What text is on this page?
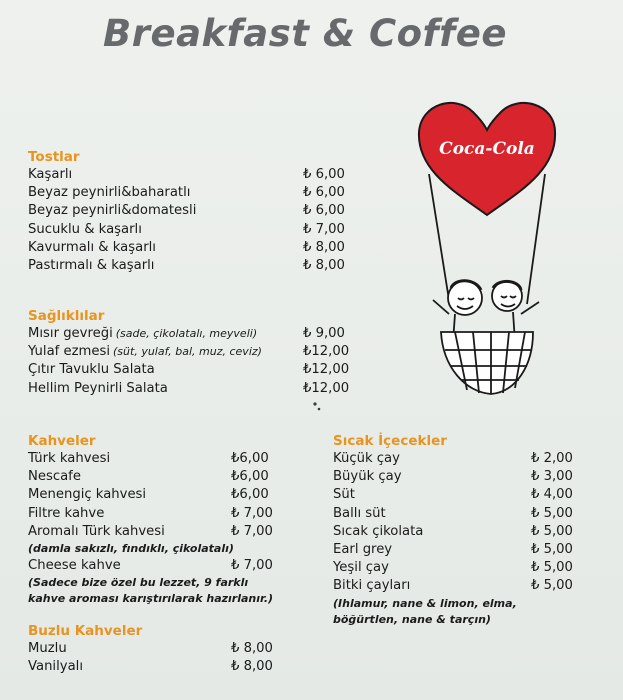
Breakfast & Coffee
Tostlar
Kaşarlı	₺ 6,00
Beyaz peynirli&baharatlı	₺ 6,00
Beyaz peynirli&domatesli	₺ 6,00
Sucuklu & kaşarlı	₺ 7,00
Kavurmalı & kaşarlı	₺ 8,00
Pastırmalı & kaşarlı	₺ 8,00
Sağlıklılar
Mısır gevreği (sade, çikolatalı, meyveli)	₺ 9,00
Yulaf ezmesi (süt, yulaf, bal, muz, ceviz)	₺12,00
Çıtır Tavuklu Salata	₺12,00
Hellim Peynirli Salata	₺12,00
Kahveler
Türk kahvesi	₺6,00
Nescafe	₺6,00
Menengiç kahvesi	₺6,00
Filtre kahve	₺ 7,00
Aromalı Türk kahvesi	₺ 7,00
(damla sakızlı, fındıklı, çikolatalı)
Cheese kahve	₺ 7,00
(Sadece bize özel bu lezzet, 9 farklı
kahve aroması karıştırılarak hazırlanır.)
Buzlu Kahveler
Muzlu	₺ 8,00
Vanilyalı	₺ 8,00
Sıcak İçecekler
Küçük çay	₺ 2,00
Büyük çay	₺ 3,00
Süt	₺ 4,00
Ballı süt	₺ 5,00
Sıcak çikolata	₺ 5,00
Earl grey	₺ 5,00
Yeşil çay	₺ 5,00
Bitki çayları	₺ 5,00
(Ihlamur, nane & limon, elma,
böğürtlen, nane & tarçın)
Coca-Cola
